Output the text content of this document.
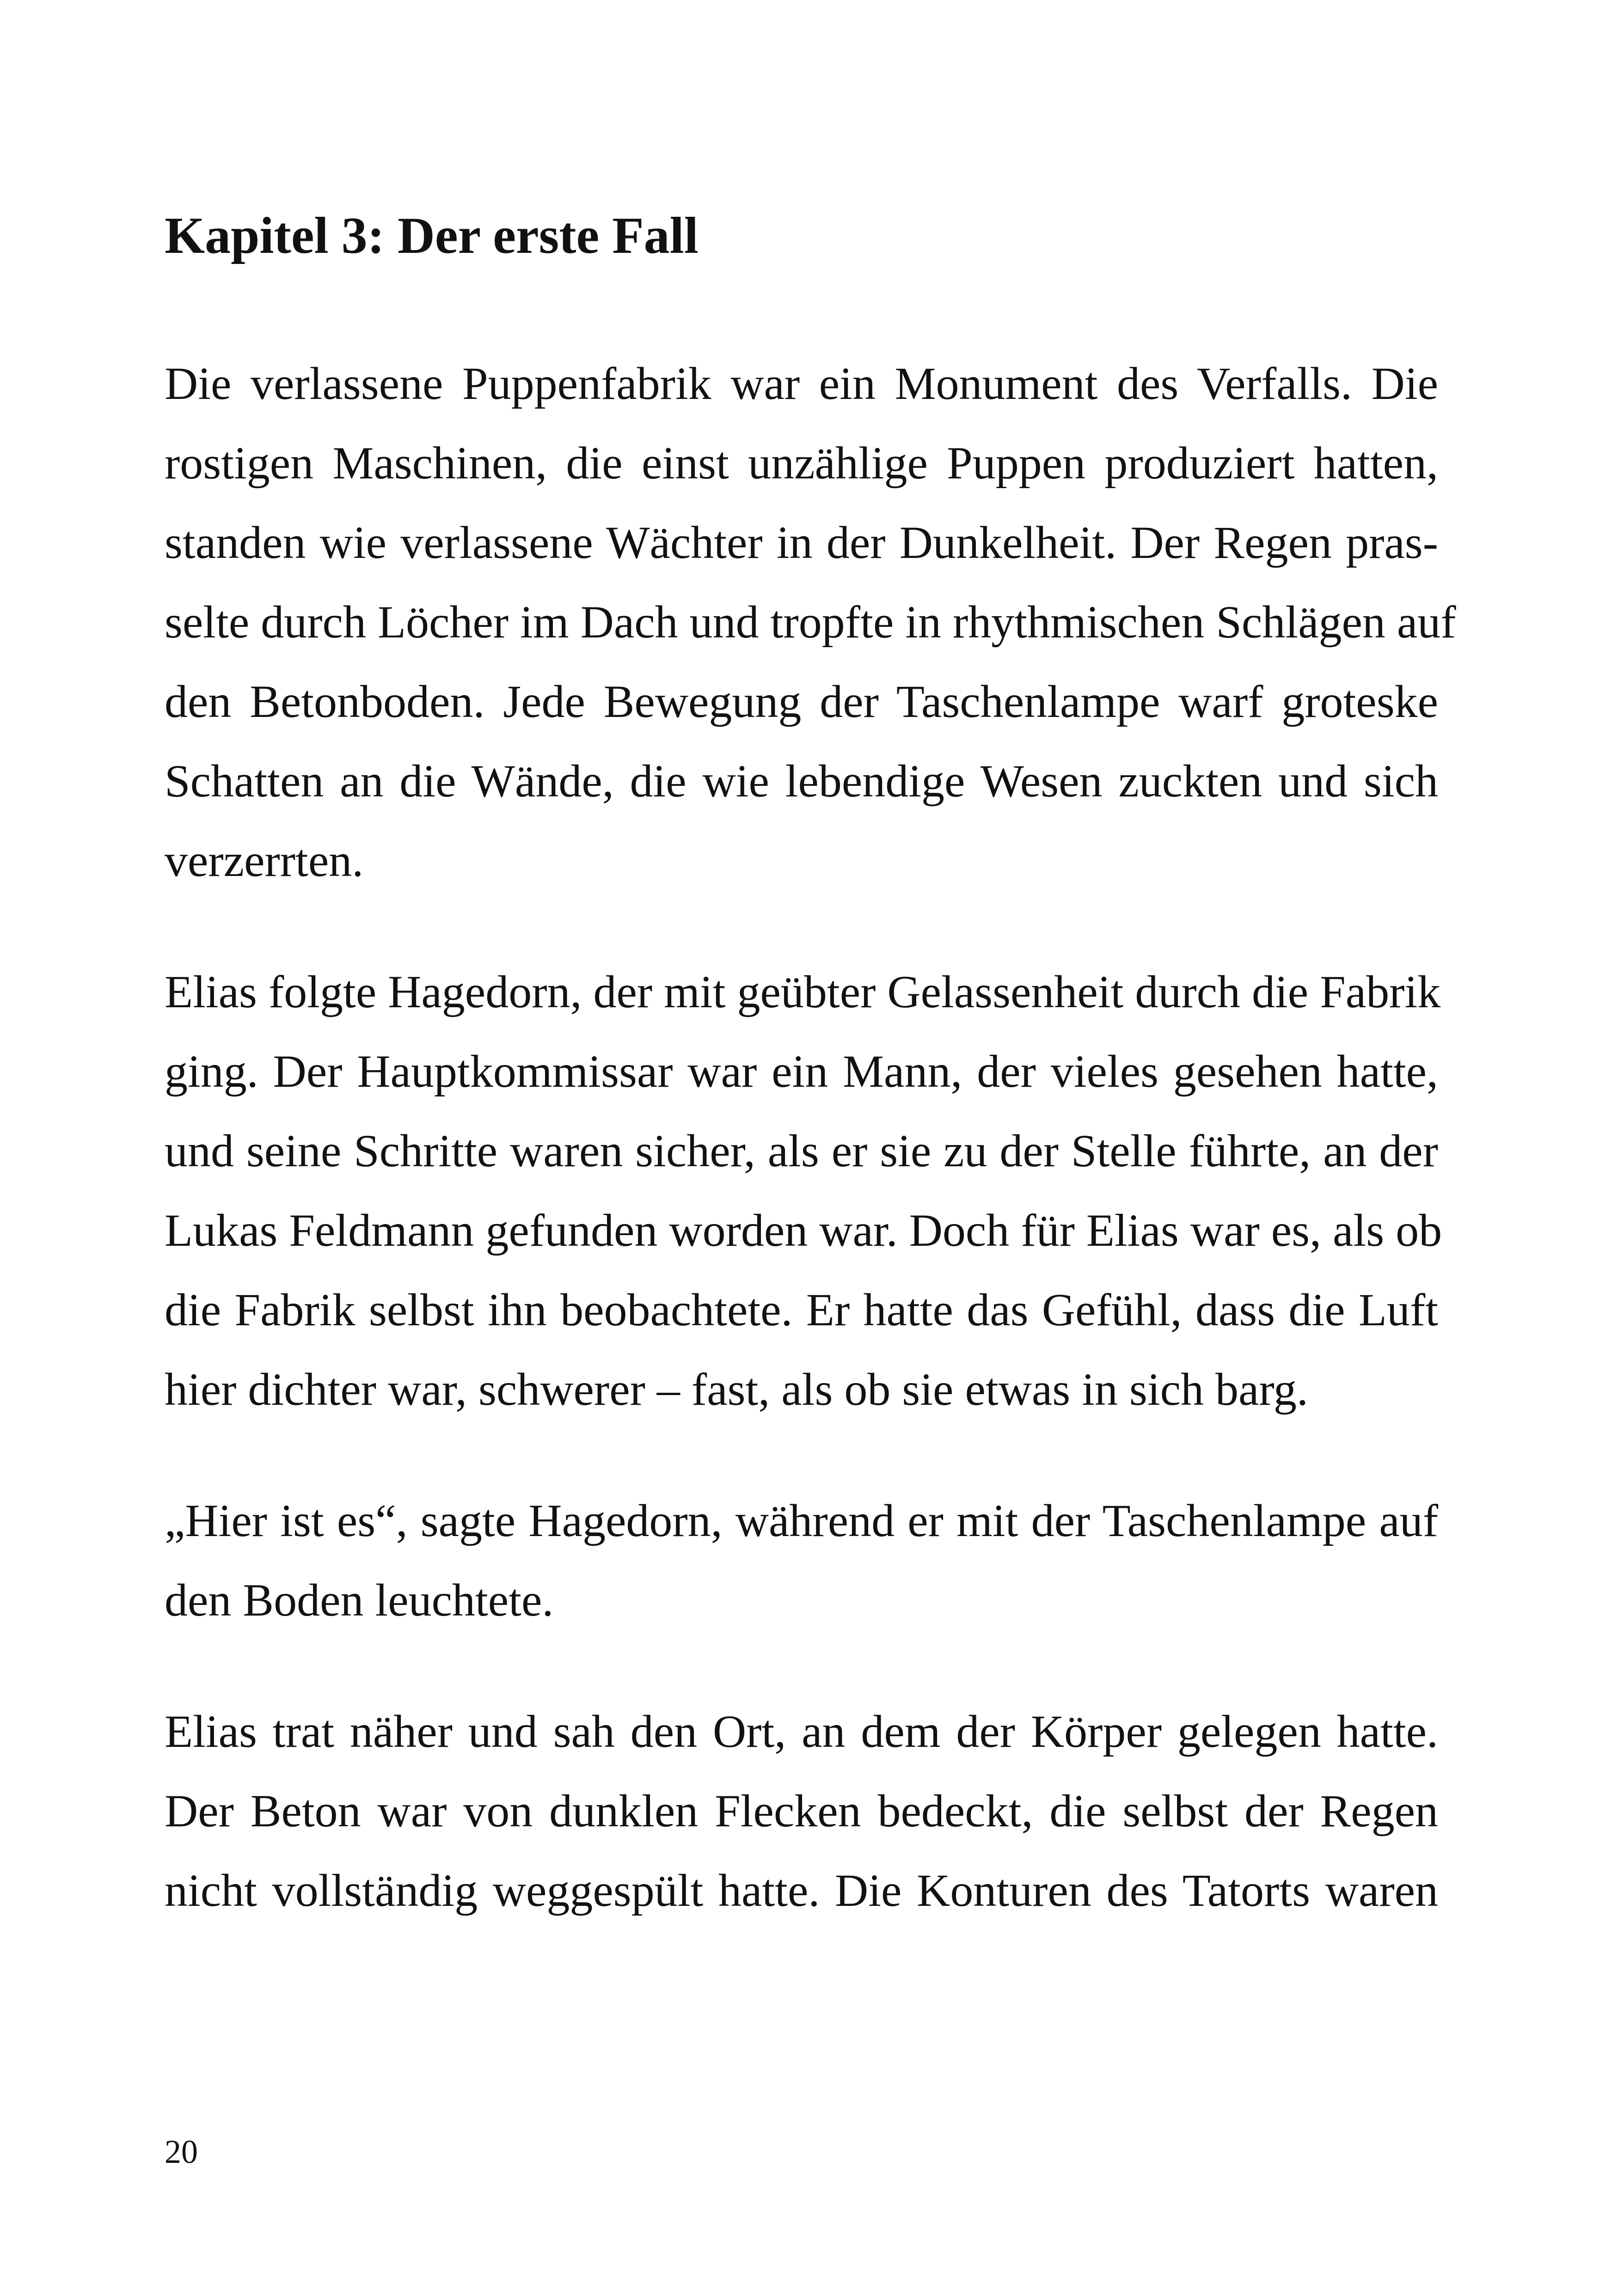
Kapitel 3: Der erste Fall

Die verlassene Puppenfabrik war ein Monument des Verfalls. Die

rostigen Maschinen, die einst unzählige Puppen produziert hatten,

standen wie verlassene Wächter in der Dunkelheit. Der Regen pras-

selte durch Löcher im Dach und tropfte in rhythmischen Schlägen auf

den Betonboden. Jede Bewegung der Taschenlampe warf groteske

Schatten an die Wände, die wie lebendige Wesen zuckten und sich

verzerrten.

Elias folgte Hagedorn, der mit geübter Gelassenheit durch die Fabrik

ging. Der Hauptkommissar war ein Mann, der vieles gesehen hatte,

und seine Schritte waren sicher, als er sie zu der Stelle führte, an der

Lukas Feldmann gefunden worden war. Doch für Elias war es, als ob

die Fabrik selbst ihn beobachtete. Er hatte das Gefühl, dass die Luft

hier dichter war, schwerer – fast, als ob sie etwas in sich barg.

„Hier ist es“, sagte Hagedorn, während er mit der Taschenlampe auf

den Boden leuchtete.

Elias trat näher und sah den Ort, an dem der Körper gelegen hatte.

Der Beton war von dunklen Flecken bedeckt, die selbst der Regen

nicht vollständig weggespült hatte. Die Konturen des Tatorts waren

20
